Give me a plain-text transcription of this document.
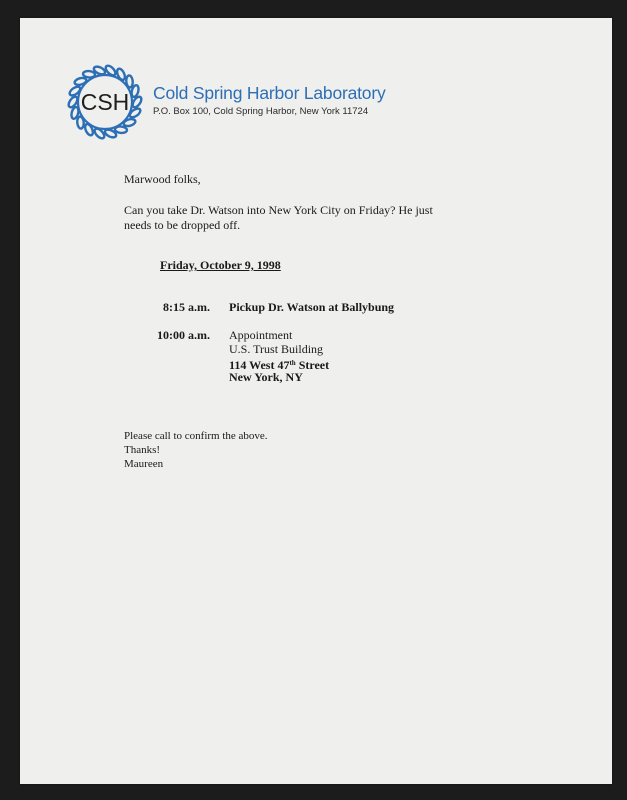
CSH Cold Spring Harbor Laboratory
P.O. Box 100, Cold Spring Harbor, New York 11724
Marwood folks,
Can you take Dr. Watson into New York City on Friday? He just
needs to be dropped off.
Friday, October 9, 1998
8:15 a.m. Pickup Dr. Watson at Ballybung
10:00 a.m. Appointment
U.S. Trust Building
114 West 47th Street
New York, NY
Please call to confirm the above.
Thanks!
Maureen
